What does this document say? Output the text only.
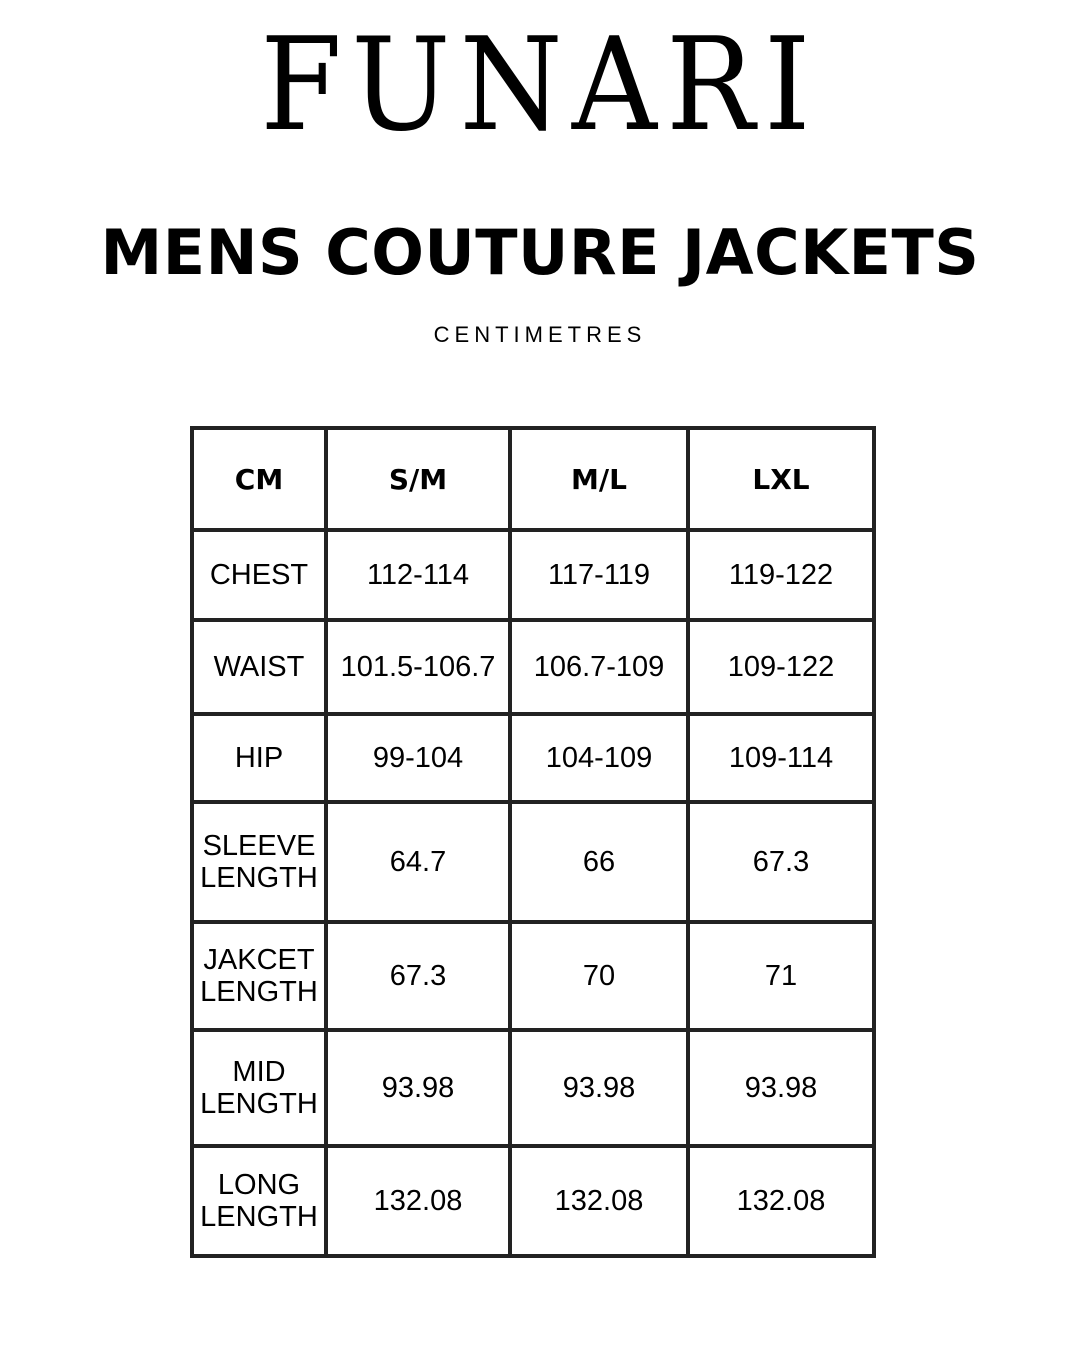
FUNARI
MENS COUTURE JACKETS
CENTIMETRES
CM	S/M	M/L	LXL
CHEST	112-114	117-119	119-122
WAIST	101.5-106.7	106.7-109	109-122
HIP	99-104	104-109	109-114
SLEEVE
LENGTH	64.7	66	67.3
JAKCET
LENGTH	67.3	70	71
MID
LENGTH	93.98	93.98	93.98
LONG
LENGTH	132.08	132.08	132.08
